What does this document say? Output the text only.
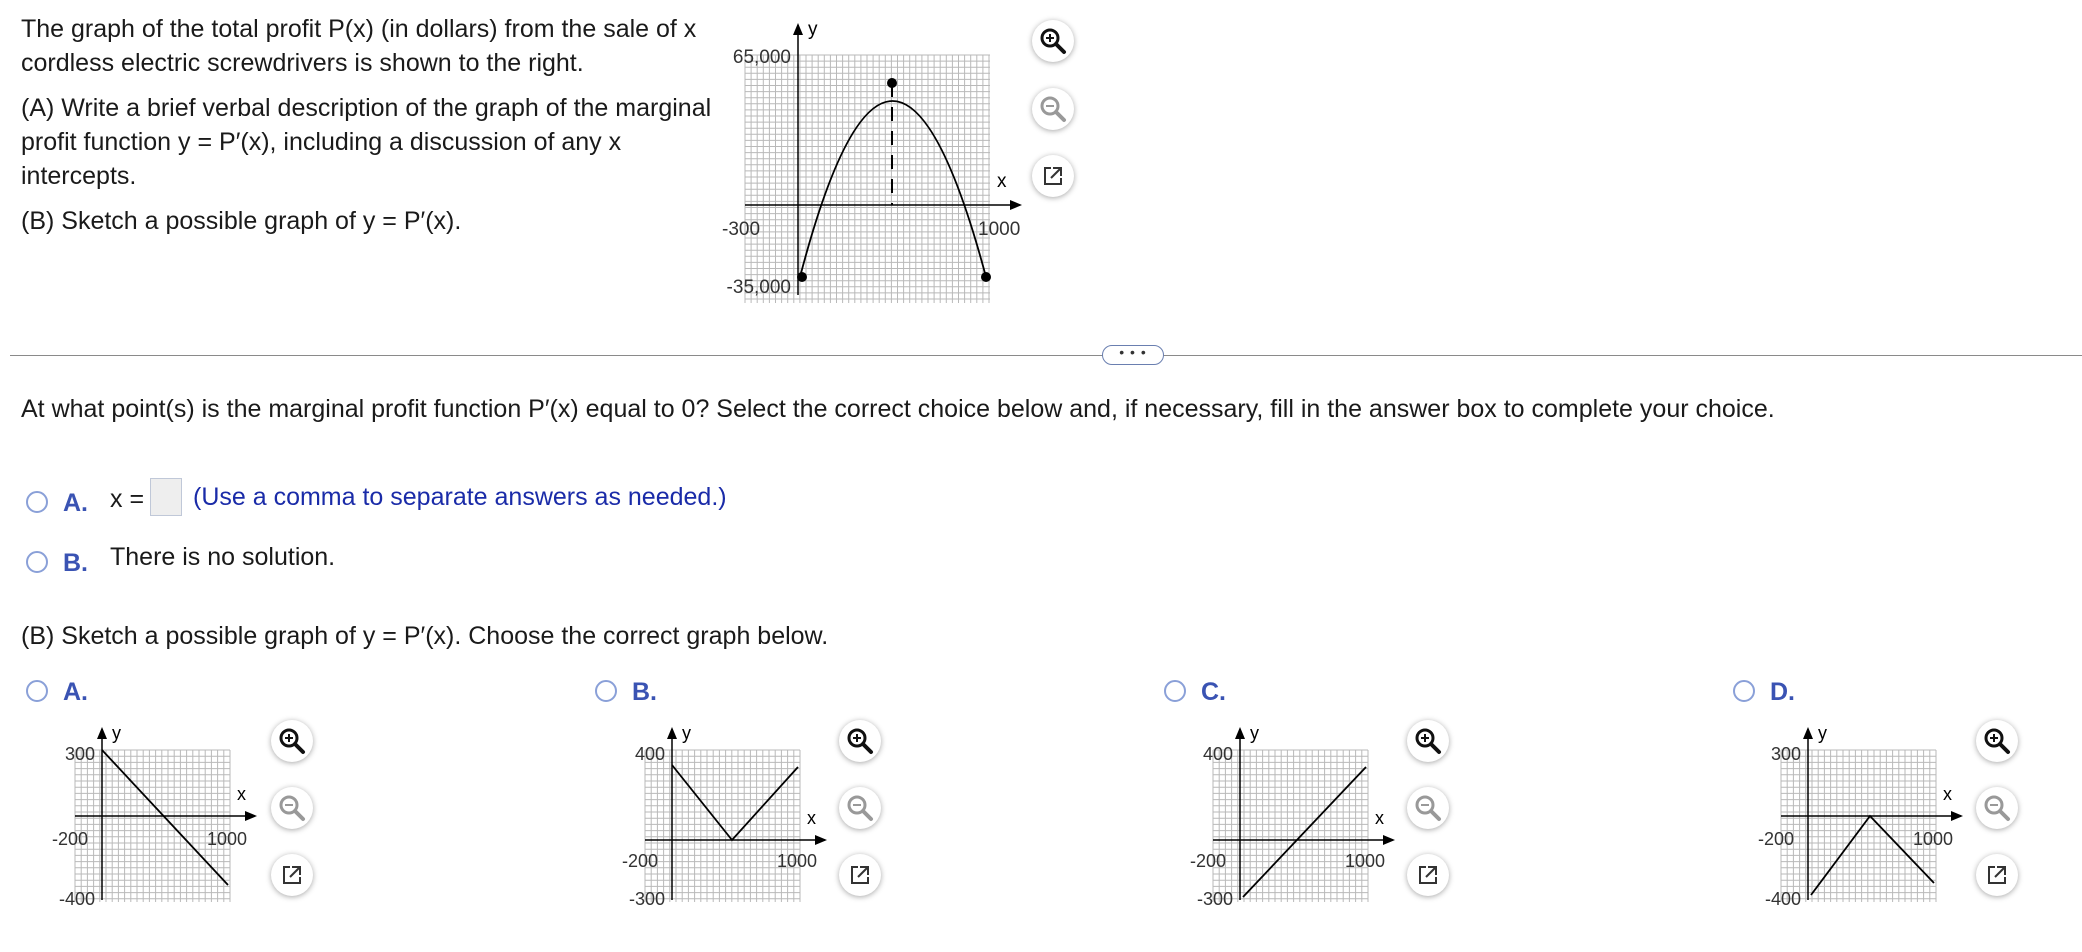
The graph of the total profit P(x) (in dollars) from the sale of x cordless electric screwdrivers is shown to the right.

(A) Write a brief verbal description of the graph of the marginal profit function y = P′(x), including a discussion of any x intercepts.

(B) Sketch a possible graph of y = P′(x).

y
x
65,000
-35,000
-300	1000
• • •
At what point(s) is the marginal profit function P′(x) equal to 0? Select the correct choice below and, if necessary, fill in the answer box to complete your choice.
A. x = (Use a comma to separate answers as needed.)
B. There is no solution.
(B) Sketch a possible graph of y = P′(x). Choose the correct graph below.
A.
y
x
300
-400
-200	1000
B.
y
x
400
-300
-200	1000
C.
y
x
400
-300
-200	1000
D.
y
x
300
-400
-200	1000
